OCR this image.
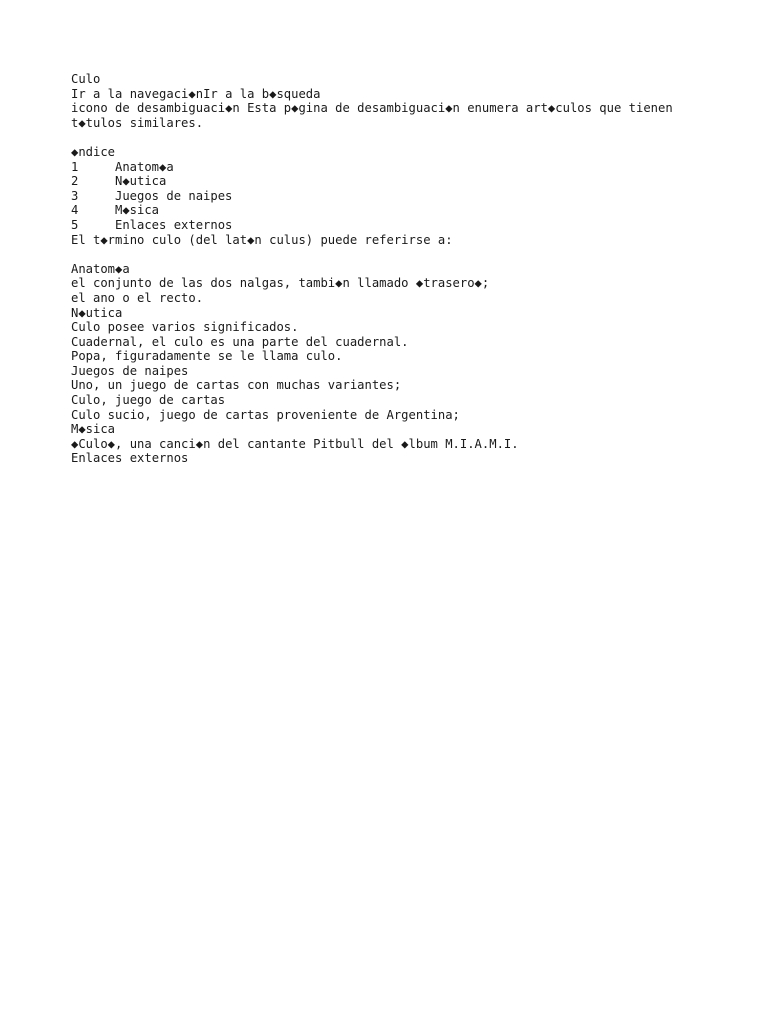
Culo
Ir a la navegaci◆nIr a la b◆squeda
icono de desambiguaci◆n Esta p◆gina de desambiguaci◆n enumera art◆culos que tienen t◆tulos similares.
◆ndice
1	Anatom◆a
2	N◆utica
3	Juegos de naipes
4	M◆sica
5	Enlaces externos
El t◆rmino culo (del lat◆n culus) puede referirse a:
Anatom◆a
el conjunto de las dos nalgas, tambi◆n llamado ◆trasero◆;
el ano o el recto.
N◆utica
Culo posee varios significados.
Cuadernal, el culo es una parte del cuadernal.
Popa, figuradamente se le llama culo.
Juegos de naipes
Uno, un juego de cartas con muchas variantes;
Culo, juego de cartas
Culo sucio, juego de cartas proveniente de Argentina;
M◆sica
◆Culo◆, una canci◆n del cantante Pitbull del ◆lbum M.I.A.M.I.
Enlaces externos
